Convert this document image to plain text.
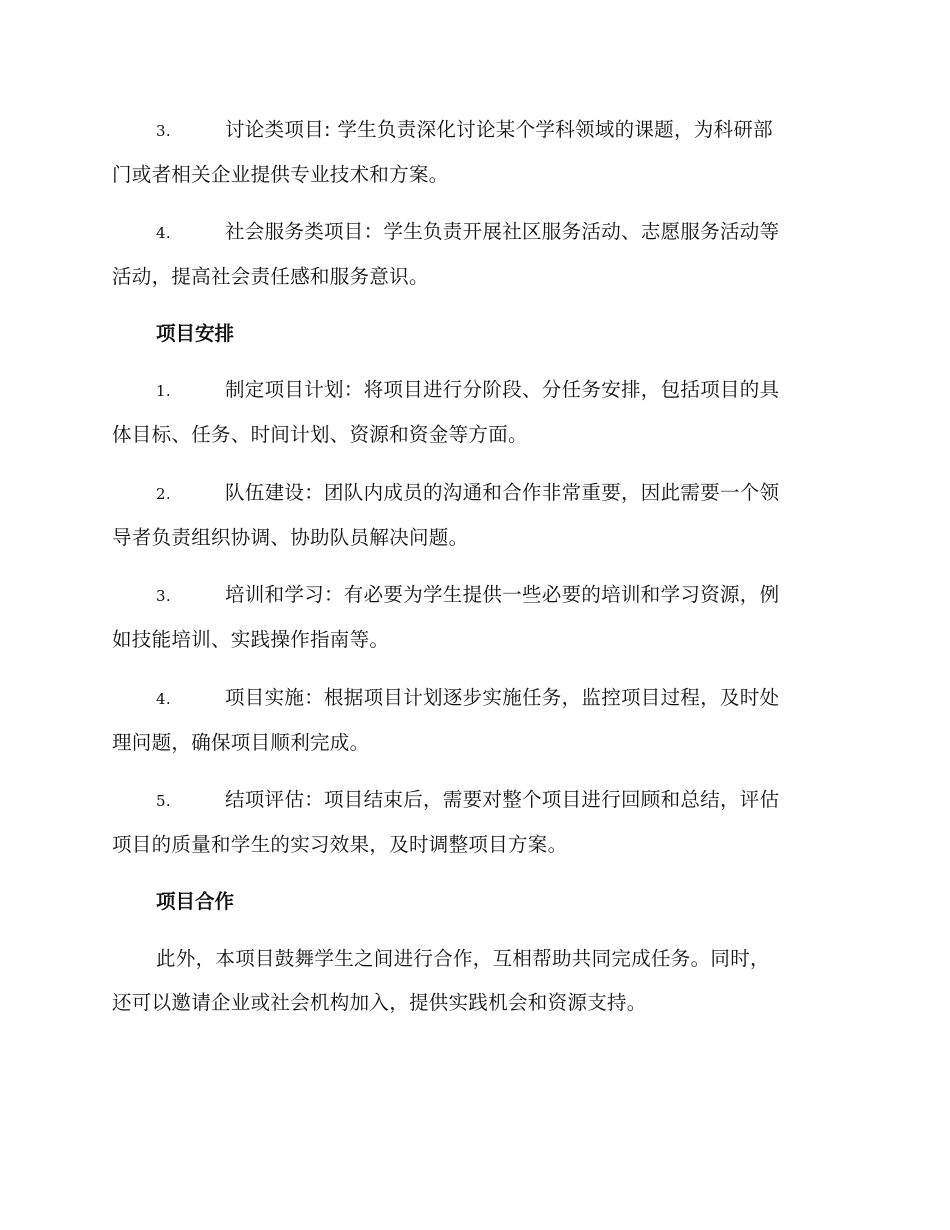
3.	讨论类项目: 学生负责深化讨论某个学科领域的课题，为科研部
门或者相关企业提供专业技术和方案。
4.	社会服务类项目：学生负责开展社区服务活动、志愿服务活动等
活动，提高社会责任感和服务意识。
项目安排
1.	制定项目计划：将项目进行分阶段、分任务安排，包括项目的具
体目标、任务、时间计划、资源和资金等方面。
2.	队伍建设：团队内成员的沟通和合作非常重要，因此需要一个领
导者负责组织协调、协助队员解决问题。
3.	培训和学习：有必要为学生提供一些必要的培训和学习资源，例
如技能培训、实践操作指南等。
4.	项目实施：根据项目计划逐步实施任务，监控项目过程，及时处
理问题，确保项目顺利完成。
5.	结项评估：项目结束后，需要对整个项目进行回顾和总结，评估
项目的质量和学生的实习效果，及时调整项目方案。
项目合作
此外，本项目鼓舞学生之间进行合作，互相帮助共同完成任务。同时，
还可以邀请企业或社会机构加入，提供实践机会和资源支持。
